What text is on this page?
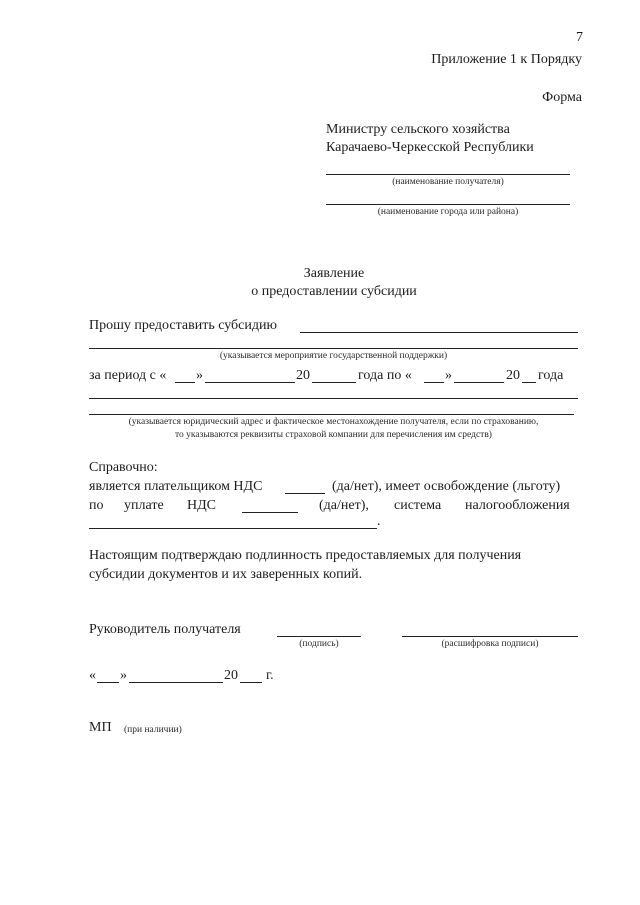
7
Приложение 1 к Порядку
Форма
Министру сельского хозяйства
Карачаево-Черкесской Республики
(наименование получателя)
(наименование города или района)
Заявление
о предоставлении субсидии
Прошу предоставить субсидию
(указывается мероприятие государственной поддержки)
за период с « »	20	года по « »	20 года
(указывается юридический адрес и фактическое местонахождение получателя, если по страхованию,
то указываются реквизиты страховой компании для перечисления им средств)
Справочно:
является плательщиком НДС	(да/нет), имеет освобождение (льготу)
по уплате НДС	(да/нет), система налогообложения
.
Настоящим подтверждаю подлинность предоставляемых для получения
субсидии документов и их заверенных копий.
Руководитель получателя
(подпись)	(расшифровка подписи)
« »	20 г.
МП (при наличии)
